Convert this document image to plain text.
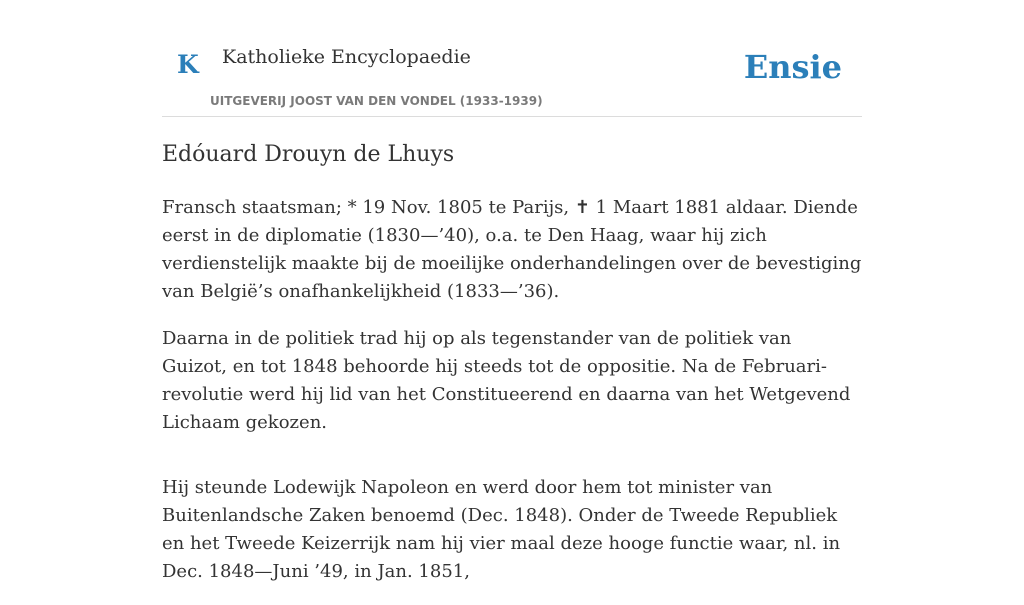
K Katholieke Encyclopaedie
UITGEVERIJ JOOST VAN DEN VONDEL (1933-1939)
Ensie
Edóuard Drouyn de Lhuys

Fransch staatsman; * 19 Nov. 1805 te Parijs, ✝ 1 Maart 1881 aldaar. Diende eerst in de diplomatie (1830—’40), o.a. te Den Haag, waar hij zich verdienstelijk maakte bij de moeilijke onderhandelingen over de bevestiging van België’s onafhankelijkheid (1833—’36).

Daarna in de politiek trad hij op als tegenstander van de politiek van Guizot, en tot 1848 behoorde hij steeds tot de oppositie. Na de Februari-revolutie werd hij lid van het Constitueerend en daarna van het Wetgevend Lichaam gekozen.

Hij steunde Lodewijk Napoleon en werd door hem tot minister van Buitenlandsche Zaken benoemd (Dec. 1848). Onder de Tweede Republiek en het Tweede Keizerrijk nam hij vier maal deze hooge functie waar, nl. in Dec. 1848—Juni ’49, in Jan. 1851,
